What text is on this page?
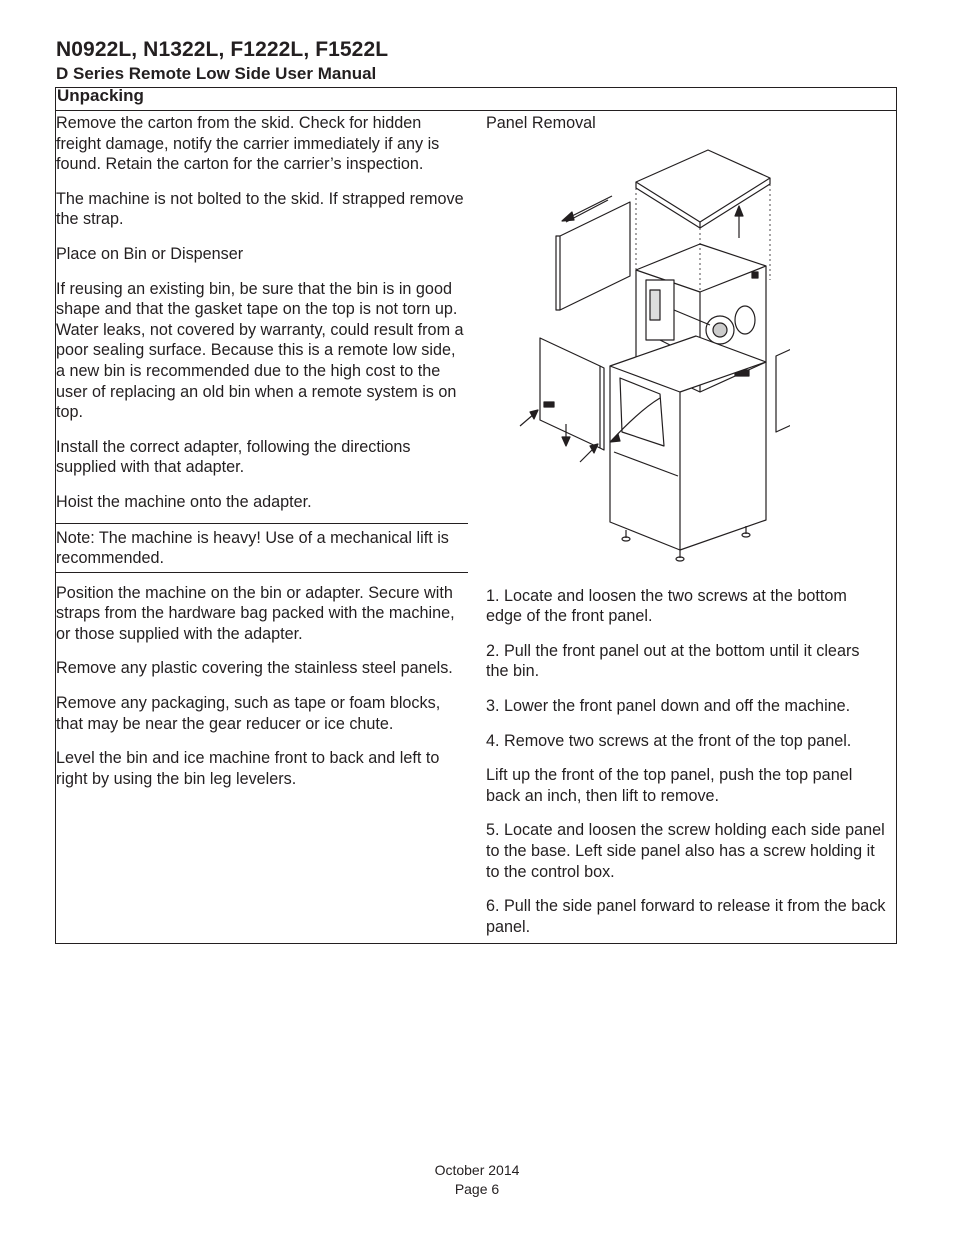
N0922L, N1322L, F1222L, F1522L
D Series Remote Low Side User Manual
Unpacking

Remove the carton from the skid. Check for hidden freight damage, notify the carrier immediately if any is found. Retain the carton for the carrier’s inspection.

The machine is not bolted to the skid. If strapped remove the strap.

Place on Bin or Dispenser

If reusing an existing bin, be sure that the bin is in good shape and that the gasket tape on the top is not torn up. Water leaks, not covered by warranty, could result from a poor sealing surface. Because this is a remote low side, a new bin is recommended due to the high cost to the user of replacing an old bin when a remote system is on top.

Install the correct adapter, following the directions supplied with that adapter.

Hoist the machine onto the adapter.

Note: The machine is heavy! Use of a mechanical lift is recommended.

Position the machine on the bin or adapter. Secure with straps from the hardware bag packed with the machine, or those supplied with the adapter.

Remove any plastic covering the stainless steel panels.

Remove any packaging, such as tape or foam blocks, that may be near the gear reducer or ice chute.

Level the bin and ice machine front to back and left to right by using the bin leg levelers.

Panel Removal

1. Locate and loosen the two screws at the bottom edge of the front panel.

2. Pull the front panel out at the bottom until it clears the bin.

3. Lower the front panel down and off the machine.

4. Remove two screws at the front of the top panel.

Lift up the front of the top panel, push the top panel back an inch, then lift to remove.

5. Locate and loosen the screw holding each side panel to the base. Left side panel also has a screw holding it to the control box.

6. Pull the side panel forward to release it from the back panel.

October 2014
Page 6
